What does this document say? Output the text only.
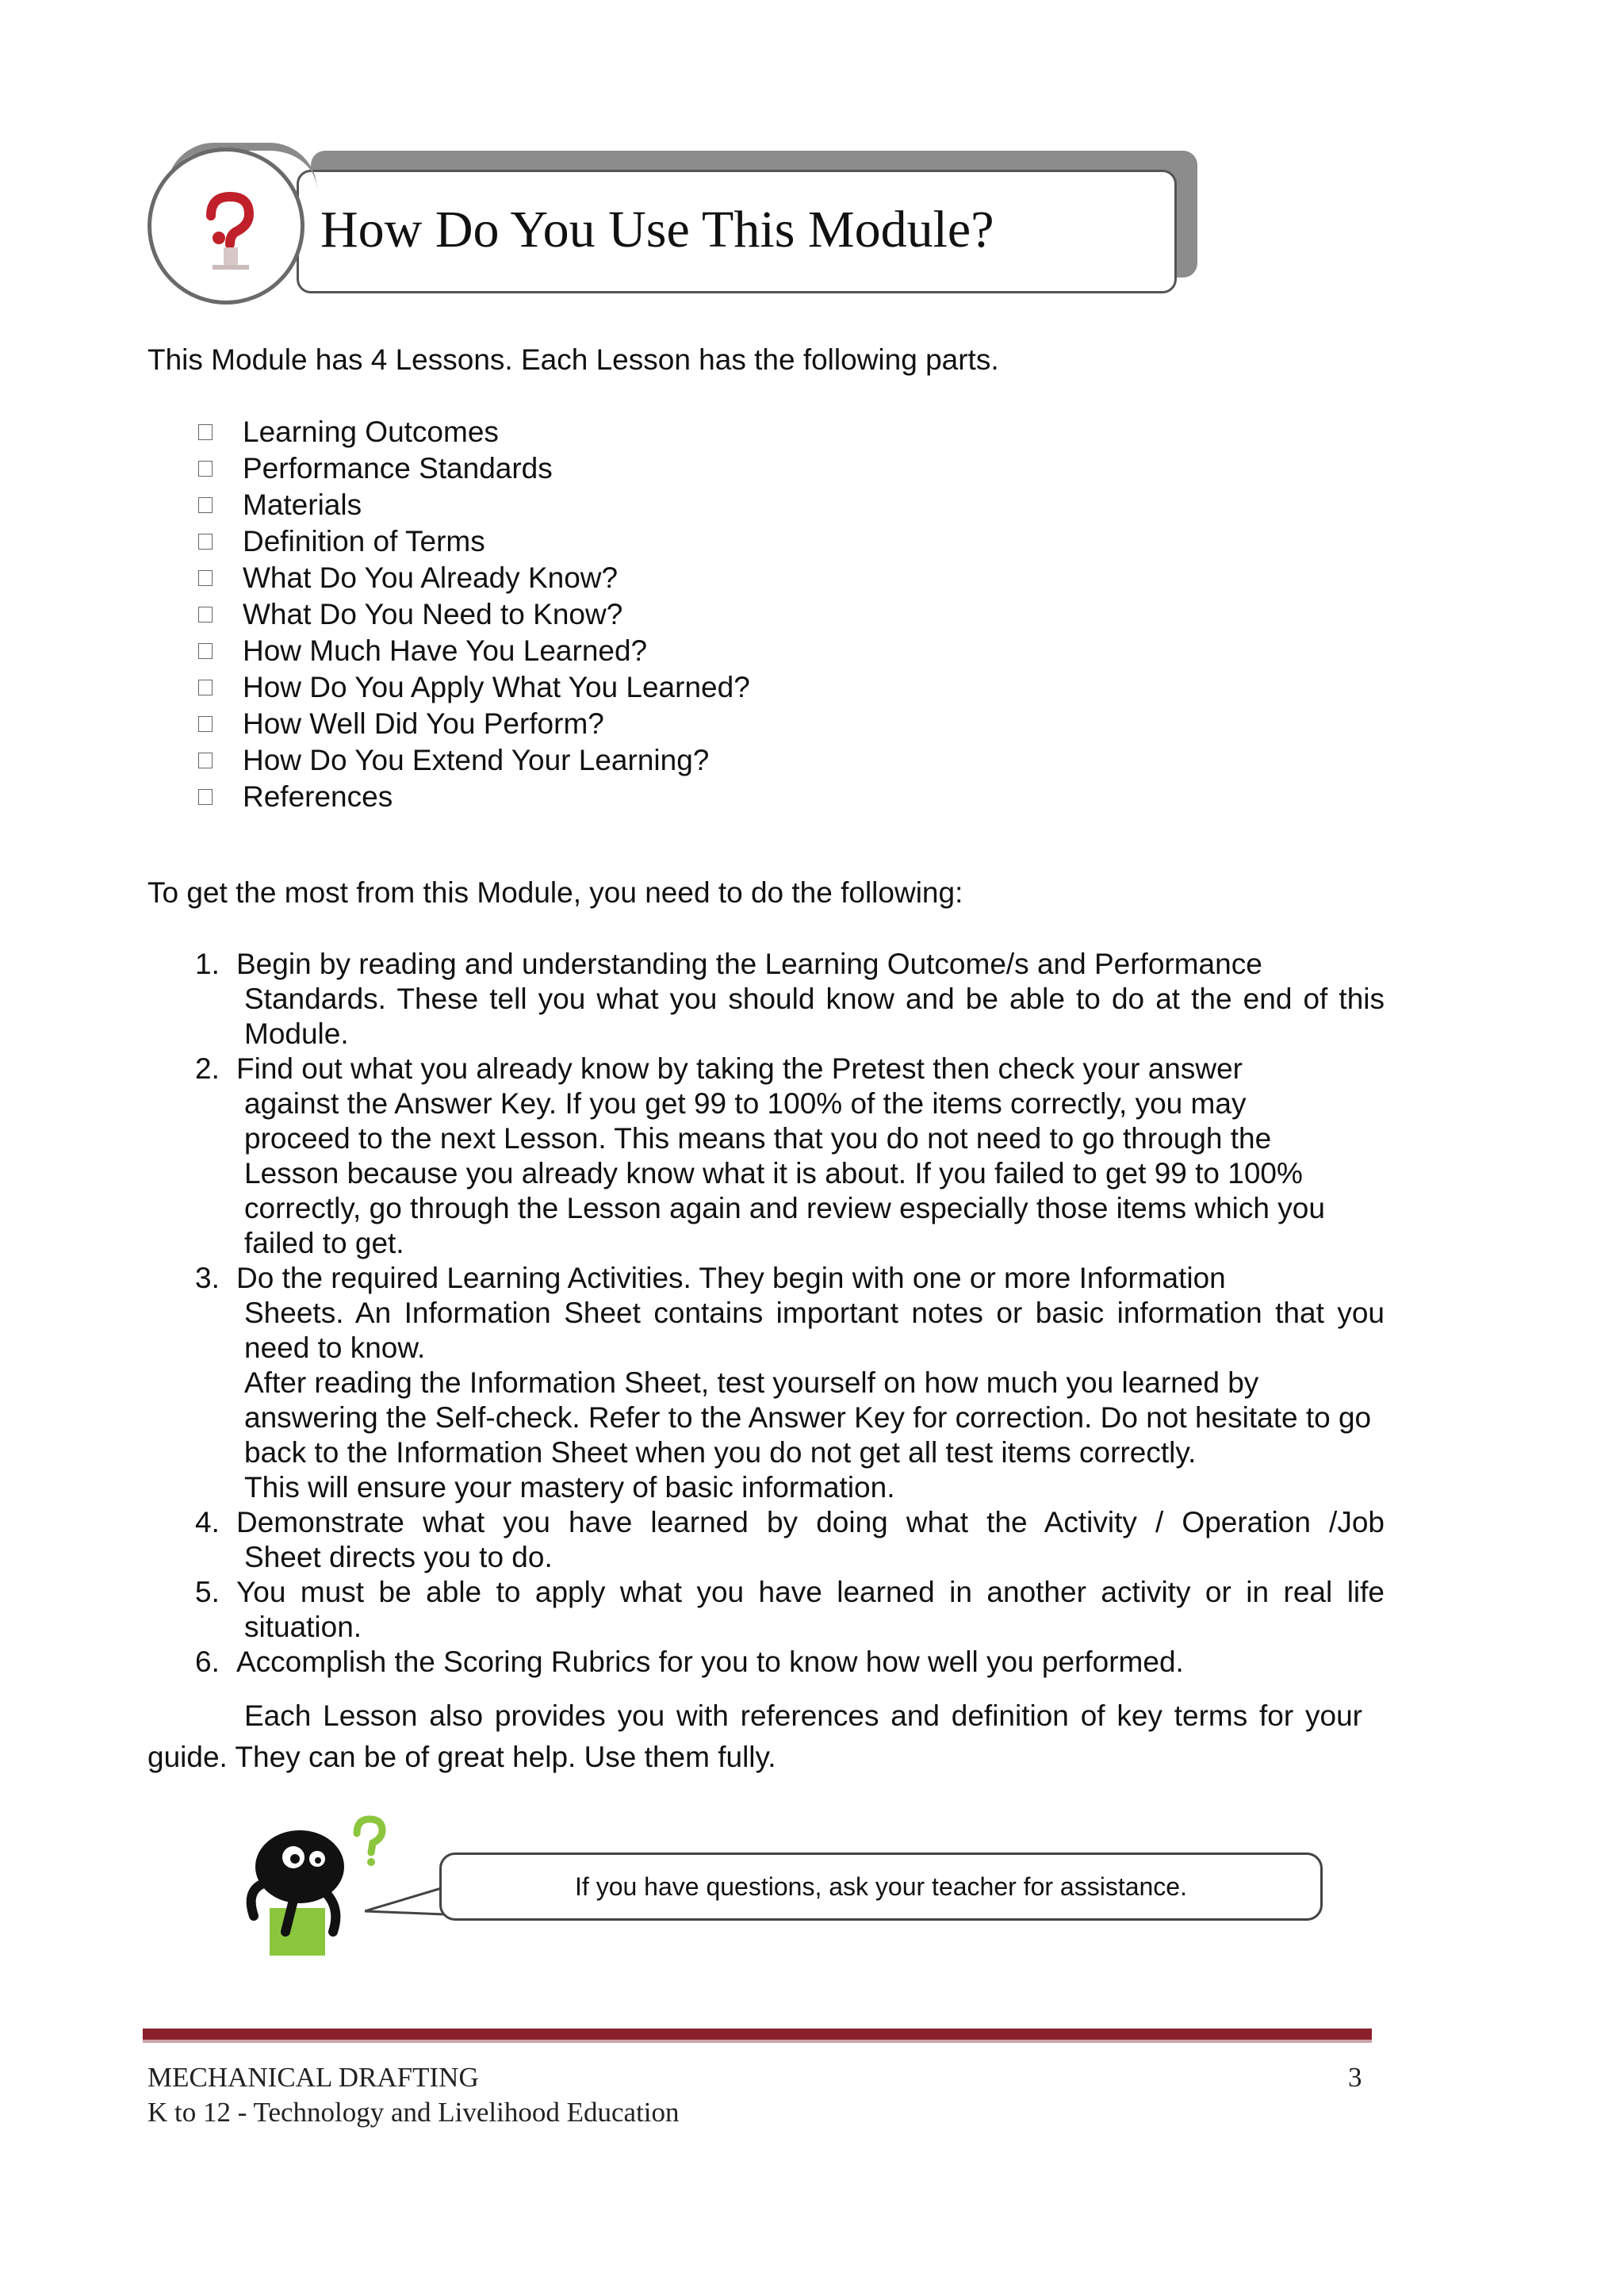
How Do You Use This Module?
This Module has 4 Lessons. Each Lesson has the following parts.
Learning Outcomes
Performance Standards
Materials
Definition of Terms
What Do You Already Know?
What Do You Need to Know?
How Much Have You Learned?
How Do You Apply What You Learned?
How Well Did You Perform?
How Do You Extend Your Learning?
References
To get the most from this Module, you need to do the following:
1. Begin by reading and understanding the Learning Outcome/s and Performance
Standards. These tell you what you should know and be able to do at the end of this
Module.
2. Find out what you already know by taking the Pretest then check your answer
against the Answer Key. If you get 99 to 100% of the items correctly, you may
proceed to the next Lesson. This means that you do not need to go through the
Lesson because you already know what it is about. If you failed to get 99 to 100%
correctly, go through the Lesson again and review especially those items which you
failed to get.
3. Do the required Learning Activities. They begin with one or more Information
Sheets. An Information Sheet contains important notes or basic information that you
need to know.
After reading the Information Sheet, test yourself on how much you learned by
answering the Self-check. Refer to the Answer Key for correction. Do not hesitate to go
back to the Information Sheet when you do not get all test items correctly.
This will ensure your mastery of basic information.
4. Demonstrate what you have learned by doing what the Activity / Operation /Job
Sheet directs you to do.
5. You must be able to apply what you have learned in another activity or in real life
situation.
6. Accomplish the Scoring Rubrics for you to know how well you performed.
Each Lesson also provides you with references and definition of key terms for your
guide. They can be of great help. Use them fully.
If you have questions, ask your teacher for assistance.
MECHANICAL DRAFTING
K to 12 - Technology and Livelihood Education
3
